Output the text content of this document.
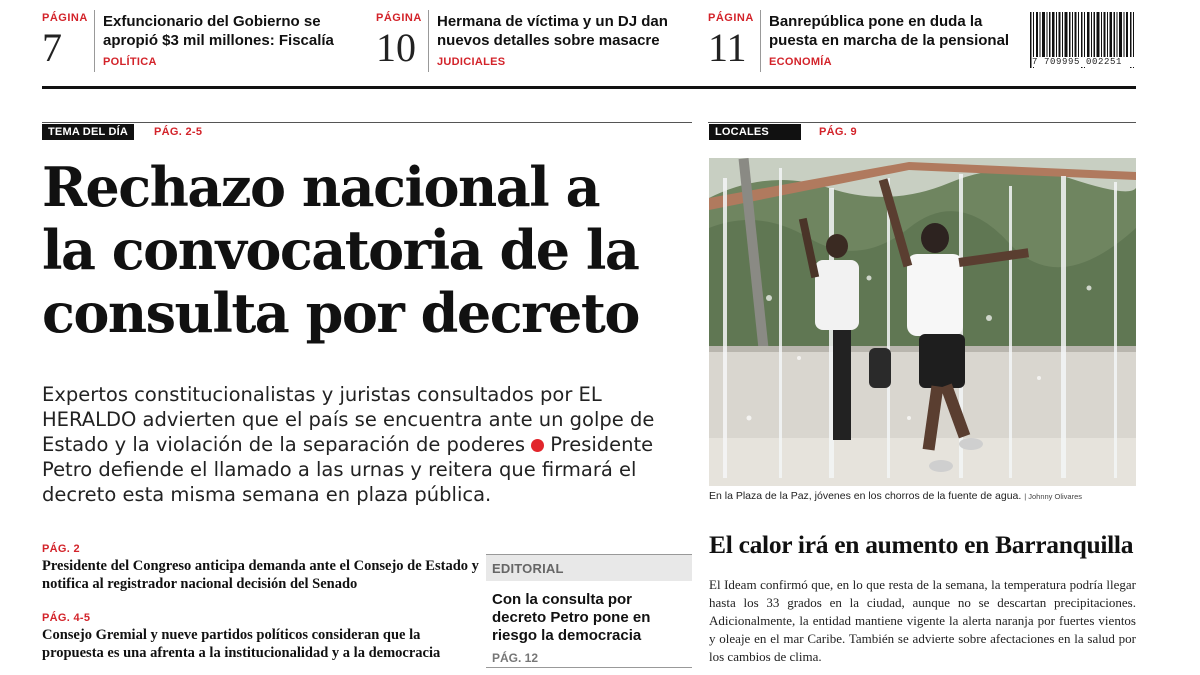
PÁGINA
7
Exfuncionario del Gobierno se apropió $3 mil millones: Fiscalía
POLÍTICA
PÁGINA
10
Hermana de víctima y un DJ dan nuevos detalles sobre masacre
JUDICIALES
PÁGINA
11
Banrepública pone en duda la puesta en marcha de la pensional
ECONOMÍA	7 709995 002251
TEMA DEL DÍA	PÁG. 2-5
Rechazo nacional a
la convocatoria de la
consulta por decreto

Expertos constitucionalistas y juristas consultados por EL HERALDO advierten que el país se encuentra ante un golpe de Estado y la violación de la separación de poderes Presidente Petro defiende el llamado a las urnas y reitera que firmará el decreto esta misma semana en plaza pública.

PÁG. 2
Presidente del Congreso anticipa demanda ante el Consejo de Estado y notifica al registrador nacional decisión del Senado
PÁG. 4-5
Consejo Gremial y nueve partidos políticos consideran que la propuesta es una afrenta a la institucionalidad y a la democracia
EDITORIAL
Con la consulta por decreto Petro pone en riesgo la democracia
PÁG. 12
LOCALES	PÁG. 9
En la Plaza de la Paz, jóvenes en los chorros de la fuente de agua. | Johnny Olivares
El calor irá en aumento en Barranquilla

El Ideam confirmó que, en lo que resta de la semana, la temperatura podría llegar hasta los 33 grados en la ciudad, aunque no se descartan precipitaciones. Adicionalmente, la entidad mantiene vigente la alerta naranja por fuertes vientos y oleaje en el mar Caribe. También se advierte sobre afectaciones en la salud por los cambios de clima.
